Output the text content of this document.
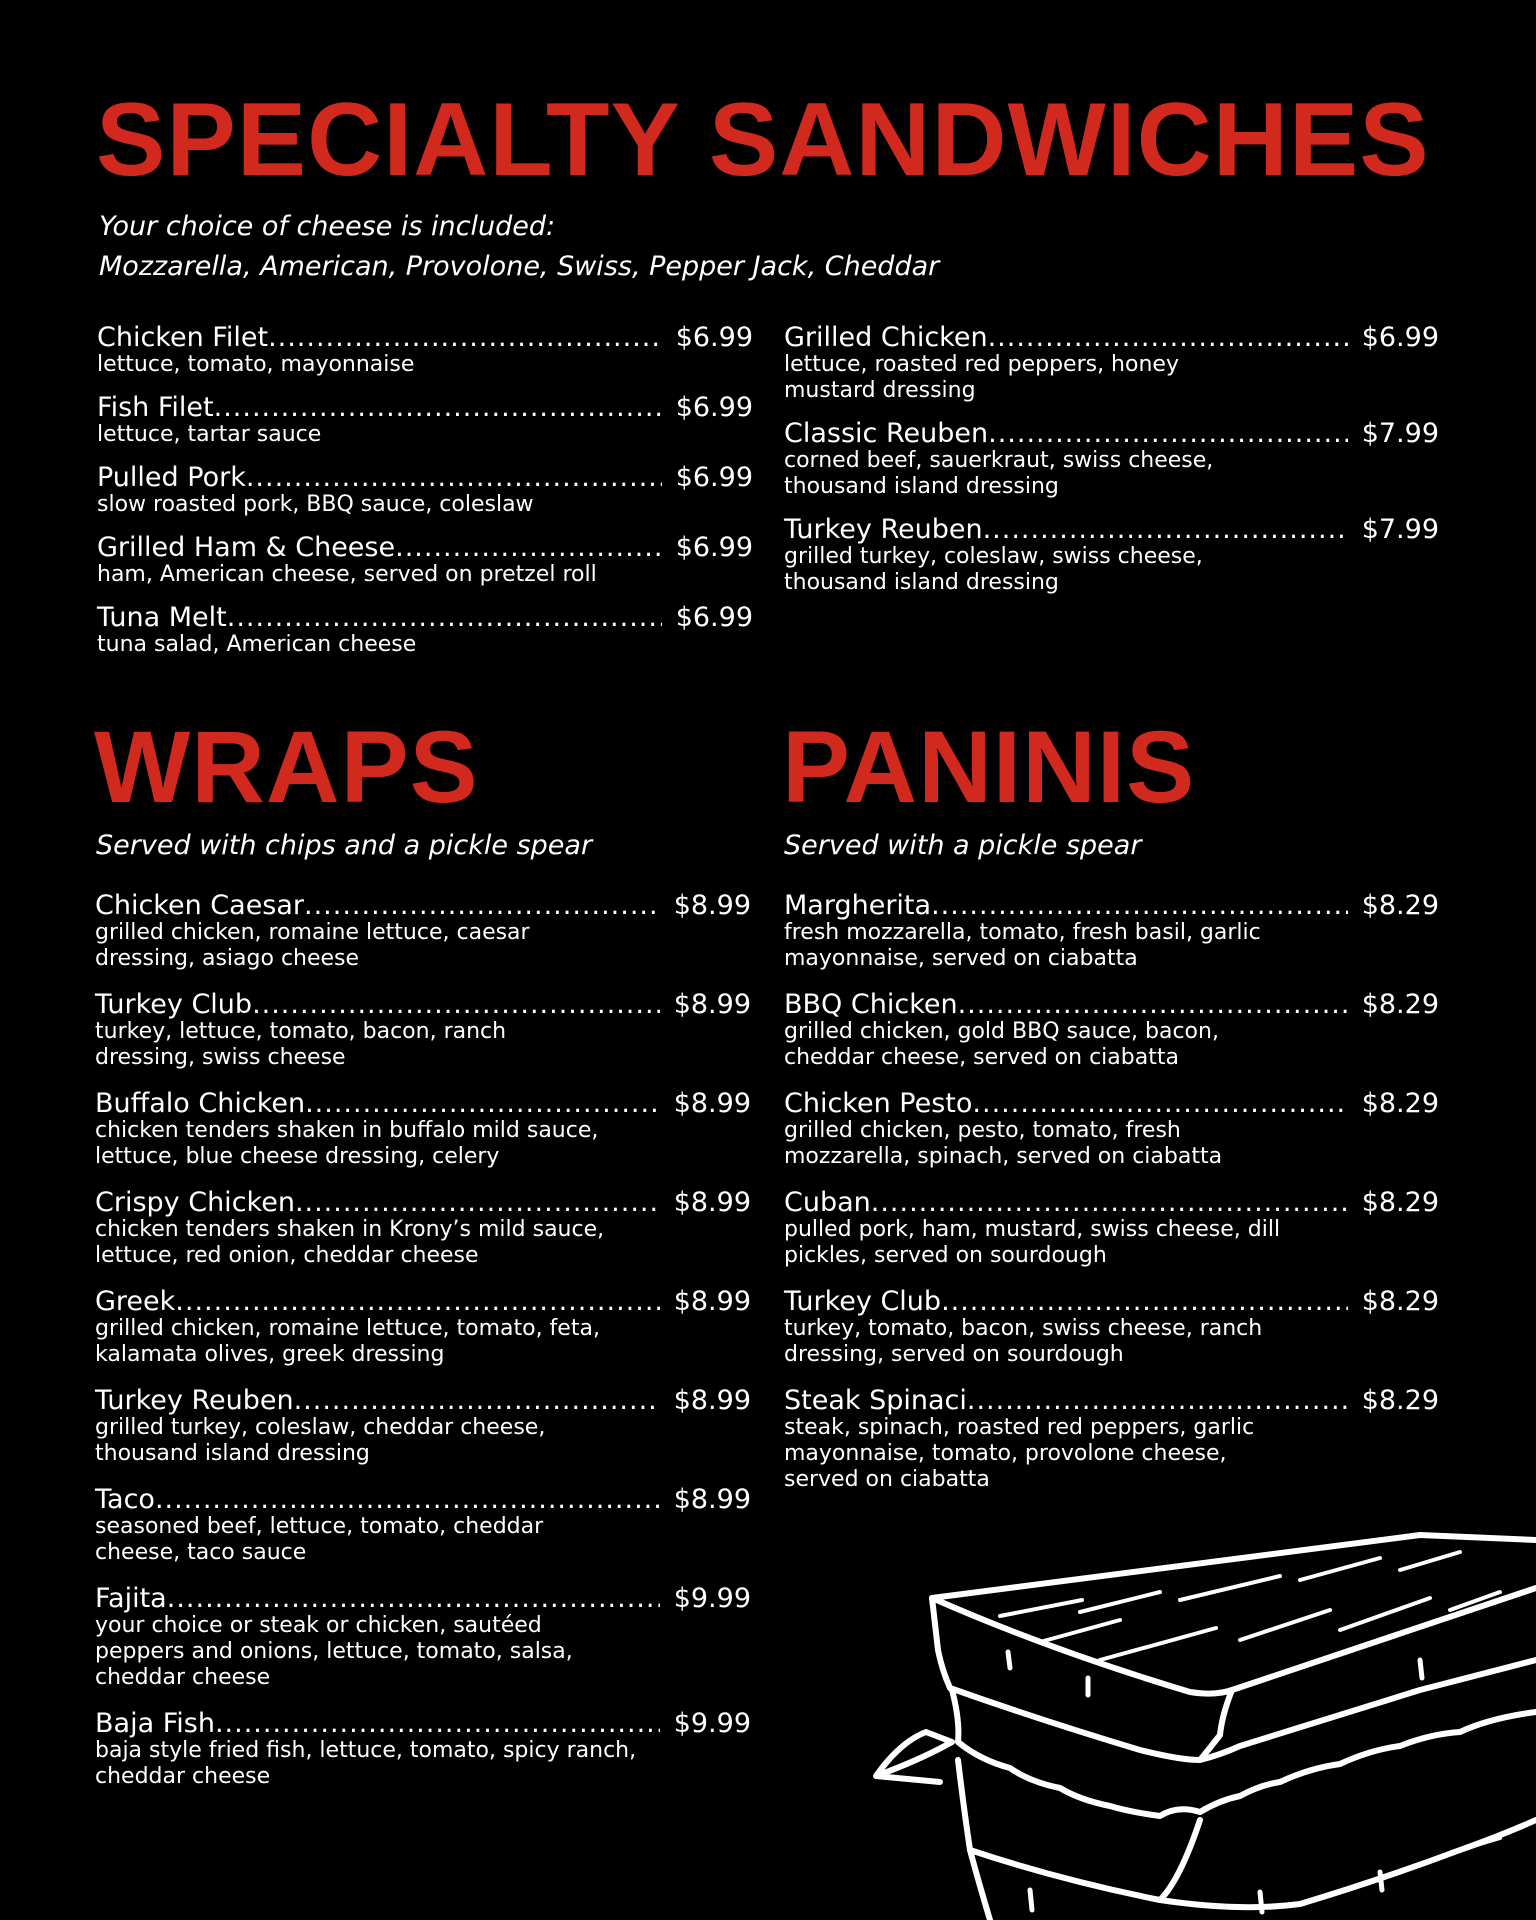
SPECIALTY SANDWICHES

Your choice of cheese is included:
Mozzarella, American, Provolone, Swiss, Pepper Jack, Cheddar

Chicken Filet .....	$6.99
lettuce, tomato, mayonnaise
Fish Filet .....	$6.99
lettuce, tartar sauce
Pulled Pork .....	$6.99
slow roasted pork, BBQ sauce, coleslaw
Grilled Ham & Cheese .....	$6.99
ham, American cheese, served on pretzel roll
Tuna Melt .....	$6.99
tuna salad, American cheese
Grilled Chicken .....	$6.99
lettuce, roasted red peppers, honey
mustard dressing
Classic Reuben .....	$7.99
corned beef, sauerkraut, swiss cheese,
thousand island dressing
Turkey Reuben .....	$7.99
grilled turkey, coleslaw, swiss cheese,
thousand island dressing
WRAPS

Served with chips and a pickle spear

Chicken Caesar .....	$8.99
grilled chicken, romaine lettuce, caesar
dressing, asiago cheese
Turkey Club .....	$8.99
turkey, lettuce, tomato, bacon, ranch
dressing, swiss cheese
Buffalo Chicken .....	$8.99
chicken tenders shaken in buffalo mild sauce,
lettuce, blue cheese dressing, celery
Crispy Chicken .....	$8.99
chicken tenders shaken in Krony’s mild sauce,
lettuce, red onion, cheddar cheese
Greek .....	$8.99
grilled chicken, romaine lettuce, tomato, feta,
kalamata olives, greek dressing
Turkey Reuben .....	$8.99
grilled turkey, coleslaw, cheddar cheese,
thousand island dressing
Taco .....	$8.99
seasoned beef, lettuce, tomato, cheddar
cheese, taco sauce
Fajita .....	$9.99
your choice or steak or chicken, sautéed
peppers and onions, lettuce, tomato, salsa,
cheddar cheese
Baja Fish .....	$9.99
baja style fried fish, lettuce, tomato, spicy ranch,
cheddar cheese
PANINIS

Served with a pickle spear

Margherita .....	$8.29
fresh mozzarella, tomato, fresh basil, garlic
mayonnaise, served on ciabatta
BBQ Chicken .....	$8.29
grilled chicken, gold BBQ sauce, bacon,
cheddar cheese, served on ciabatta
Chicken Pesto .....	$8.29
grilled chicken, pesto, tomato, fresh
mozzarella, spinach, served on ciabatta
Cuban .....	$8.29
pulled pork, ham, mustard, swiss cheese, dill
pickles, served on sourdough
Turkey Club .....	$8.29
turkey, tomato, bacon, swiss cheese, ranch
dressing, served on sourdough
Steak Spinaci .....	$8.29
steak, spinach, roasted red peppers, garlic
mayonnaise, tomato, provolone cheese,
served on ciabatta
